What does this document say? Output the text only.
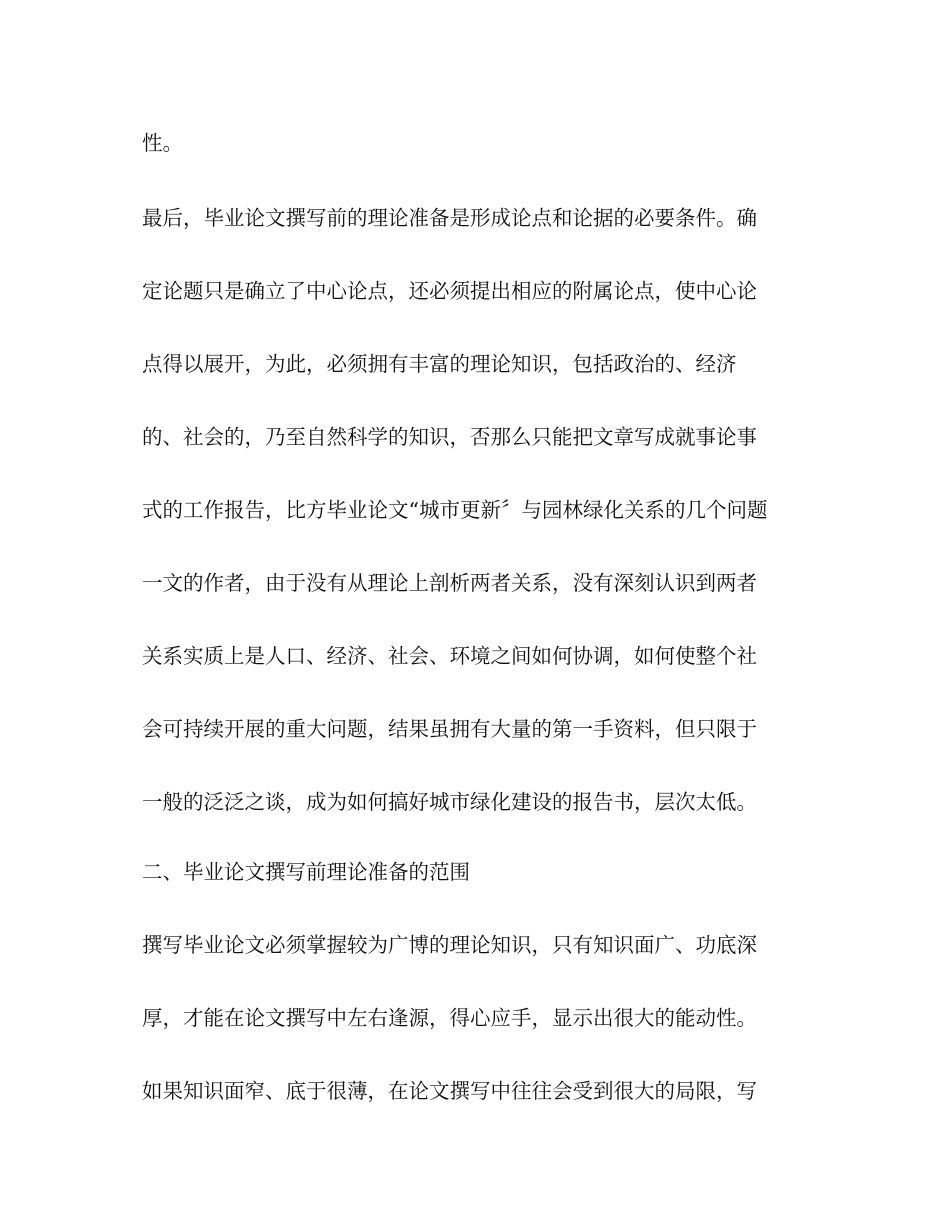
性。

最后，毕业论文撰写前的理论准备是形成论点和论据的必要条件。确

定论题只是确立了中心论点，还必须提出相应的附属论点，使中心论

点得以展开，为此，必须拥有丰富的理论知识，包括政治的、经济

的、社会的，乃至自然科学的知识，否那么只能把文章写成就事论事

式的工作报告，比方毕业论文“城市更新〞与园林绿化关系的几个问题

一文的作者，由于没有从理论上剖析两者关系，没有深刻认识到两者

关系实质上是人口、经济、社会、环境之间如何协调，如何使整个社

会可持续开展的重大问题，结果虽拥有大量的第一手资料，但只限于

一般的泛泛之谈，成为如何搞好城市绿化建设的报告书，层次太低。

二、毕业论文撰写前理论准备的范围

撰写毕业论文必须掌握较为广博的理论知识，只有知识面广、功底深

厚，才能在论文撰写中左右逢源，得心应手，显示出很大的能动性。

如果知识面窄、底于很薄，在论文撰写中往往会受到很大的局限，写
